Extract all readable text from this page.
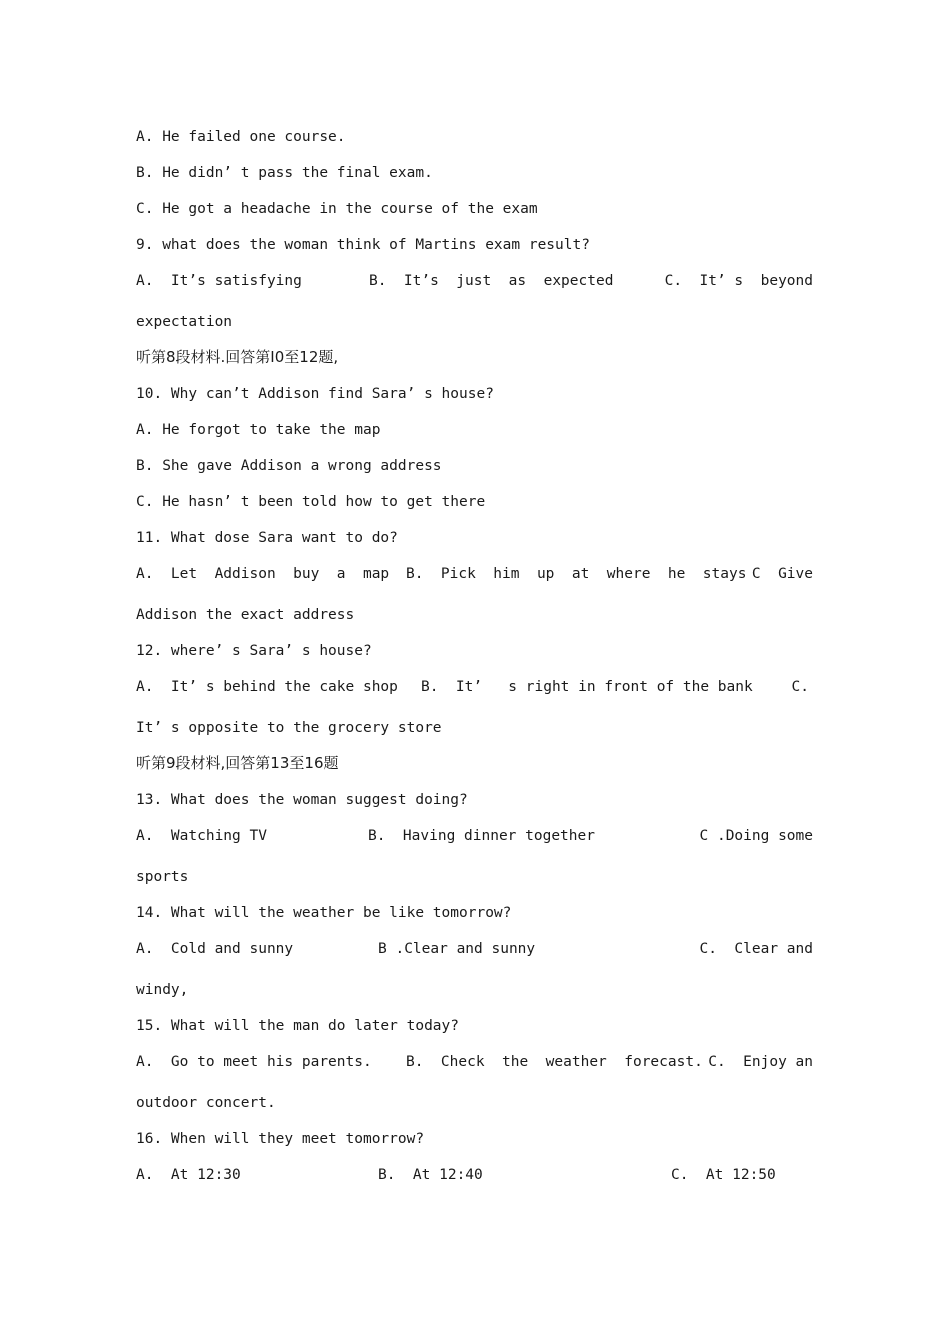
A. He failed one course.
B. He didn’ t pass the final exam.
C. He got a headache in the course of the exam
9. what does the woman think of Martins exam result?
A.  It’s satisfying	B.  It’s  just  as  expected	C.  It’ s  beyond
expectation
听第8段材料.回答第I0至12题,
10. Why can’t Addison find Sara’ s house?
A. He forgot to take the map
B. She gave Addison a wrong address
C. He hasn’ t been told how to get there
11. What dose Sara want to do?
A.  Let  Addison  buy  a  map B.  Pick  him  up  at  where  he  stays C  Give
Addison the exact address
12. where’ s Sara’ s house?
A.  It’ s behind the cake shop B.  It’   s right in front of the bank	C.
It’ s opposite to the grocery store
听第9段材料,回答第13至16题
13. What does the woman suggest doing?
A.  Watching TV	B.  Having dinner together	C .Doing some
sports
14. What will the weather be like tomorrow?
A.  Cold and sunny	B .Clear and sunny	C.  Clear and
windy,
15. What will the man do later today?
A.  Go to meet his parents. B.  Check  the  weather  forecast. C.  Enjoy an
outdoor concert.
16. When will they meet tomorrow?
A.  At 12:30	B.  At 12:40	C.  At 12:50
